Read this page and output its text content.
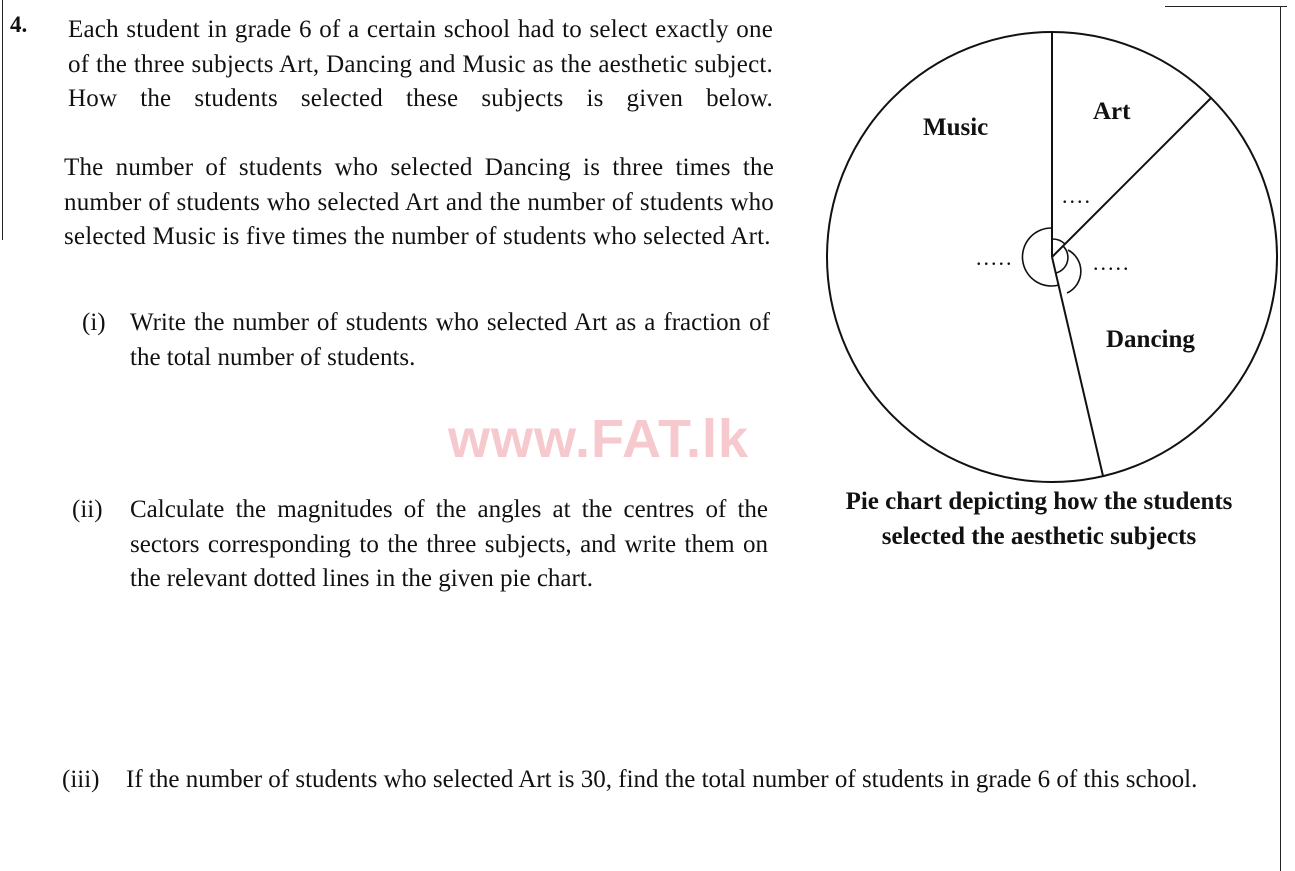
4. Each student in grade 6 of a certain school had to select exactly one of the three subjects Art, Dancing and Music as the aesthetic subject. How the students selected these subjects is given below.
The number of students who selected Dancing is three times the number of students who selected Art and the number of students who selected Music is five times the number of students who selected Art.
(i) Write the number of students who selected Art as a fraction of the total number of students.
www.FAT.lk
(ii) Calculate the magnitudes of the angles at the centres of the sectors corresponding to the three subjects, and write them on the relevant dotted lines in the given pie chart.
(iii) If the number of students who selected Art is 30, find the total number of students in grade 6 of this school.
Music
Art
Dancing
....
.....
.....
Pie chart depicting how the students
selected the aesthetic subjects
